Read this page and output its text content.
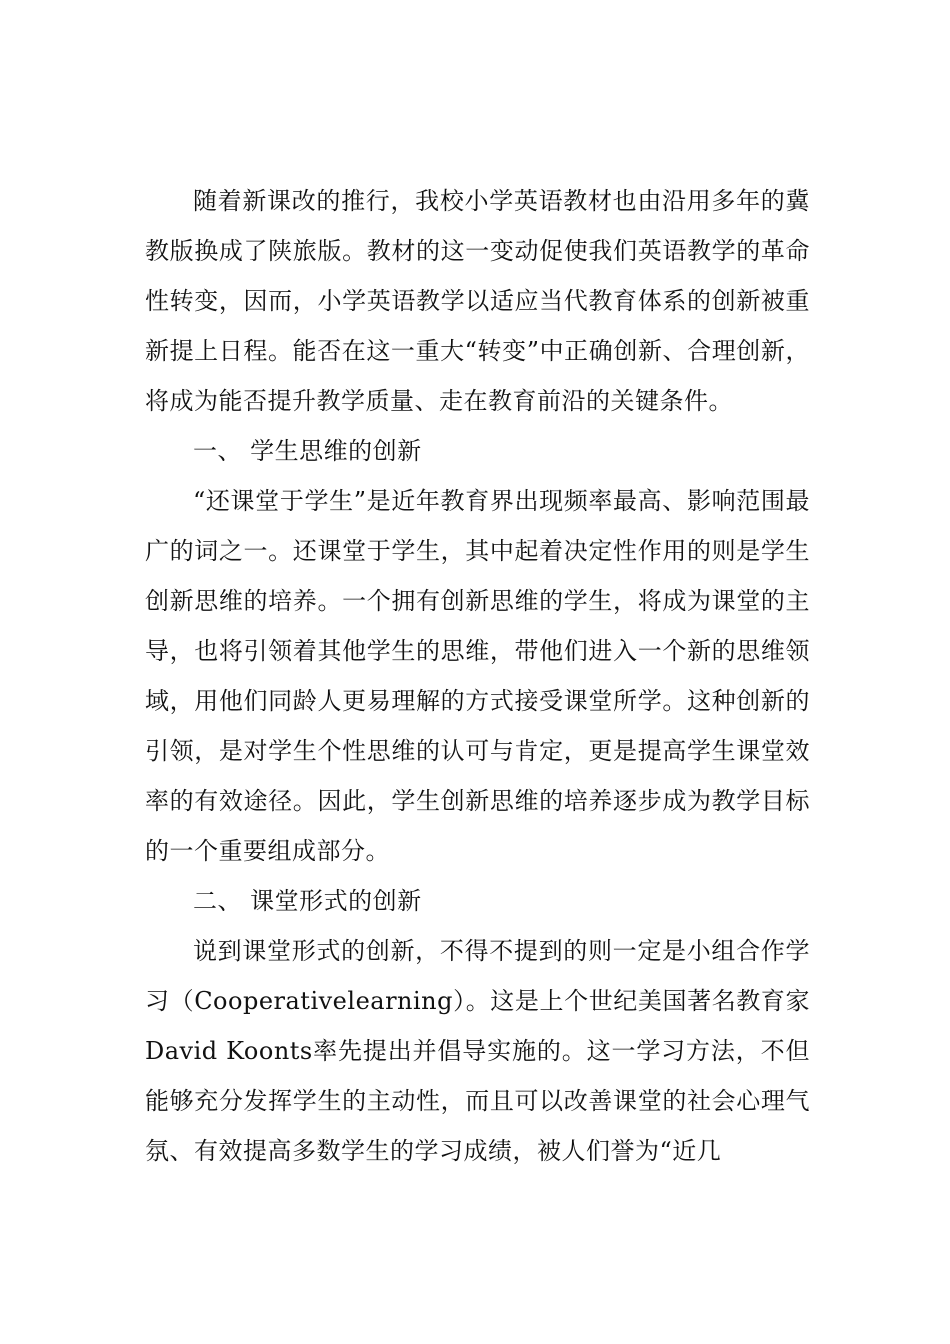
随着新课改的推行，我校小学英语教材也由沿用多年的冀教版换成了陕旅版。教材的这一变动促使我们英语教学的革命性转变，因而，小学英语教学以适应当代教育体系的创新被重新提上日程。能否在这一重大“转变”中正确创新、合理创新，将成为能否提升教学质量、走在教育前沿的关键条件。

一、 学生思维的创新

“还课堂于学生”是近年教育界出现频率最高、影响范围最广的词之一。还课堂于学生，其中起着决定性作用的则是学生创新思维的培养。一个拥有创新思维的学生，将成为课堂的主导，也将引领着其他学生的思维，带他们进入一个新的思维领域，用他们同龄人更易理解的方式接受课堂所学。这种创新的引领，是对学生个性思维的认可与肯定，更是提高学生课堂效率的有效途径。因此，学生创新思维的培养逐步成为教学目标的一个重要组成部分。

二、 课堂形式的创新

说到课堂形式的创新，不得不提到的则一定是小组合作学习（Cooperativelearning）。这是上个世纪美国著名教育家David Koonts率先提出并倡导实施的。这一学习方法，不但能够充分发挥学生的主动性，而且可以改善课堂的社会心理气氛、有效提高多数学生的学习成绩，被人们誉为“近几
